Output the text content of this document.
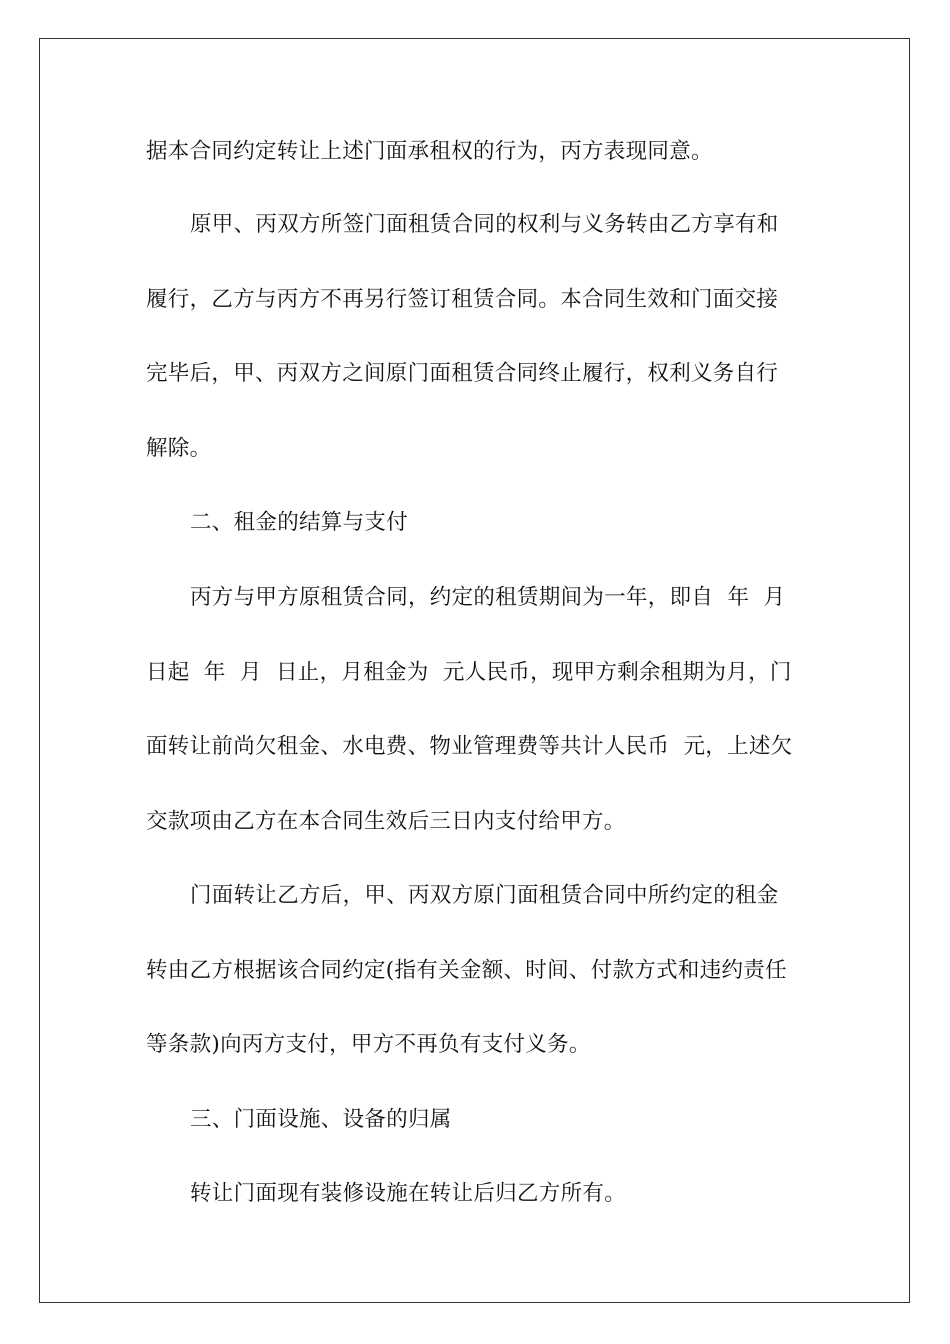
据本合同约定转让上述门面承租权的行为，丙方表现同意。
原甲、丙双方所签门面租赁合同的权利与义务转由乙方享有和
履行，乙方与丙方不再另行签订租赁合同。本合同生效和门面交接
完毕后，甲、丙双方之间原门面租赁合同终止履行，权利义务自行
解除。
二、租金的结算与支付
丙方与甲方原租赁合同，约定的租赁期间为一年，即自  年  月
日起  年  月  日止，月租金为  元人民币，现甲方剩余租期为月，门
面转让前尚欠租金、水电费、物业管理费等共计人民币  元，上述欠
交款项由乙方在本合同生效后三日内支付给甲方。
门面转让乙方后，甲、丙双方原门面租赁合同中所约定的租金
转由乙方根据该合同约定(指有关金额、时间、付款方式和违约责任
等条款)向丙方支付，甲方不再负有支付义务。
三、门面设施、设备的归属
转让门面现有装修设施在转让后归乙方所有。
